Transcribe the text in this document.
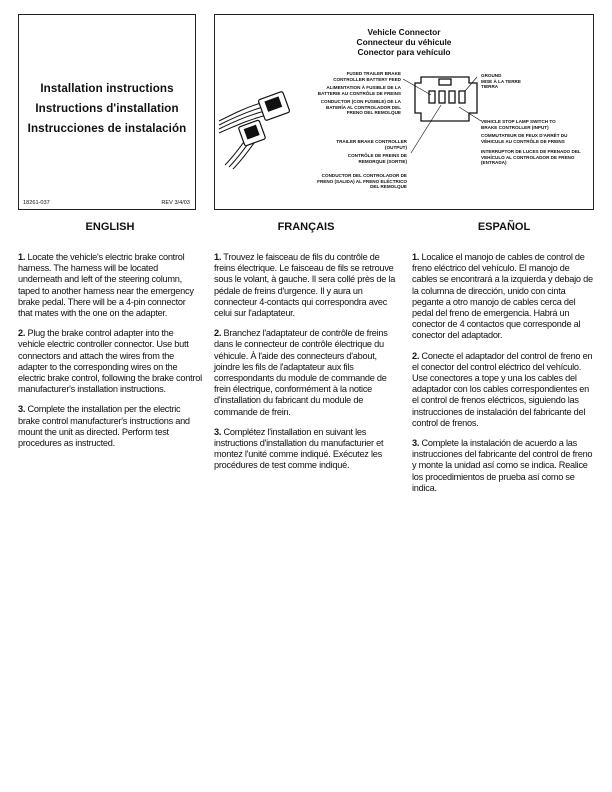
Installation instructions
Instructions d'installation
Instrucciones de instalación
18261-037	REV 3/4/03
Vehicle Connector
Connecteur du véhicule
Conector para vehículo
FUSED TRAILER BRAKE
CONTROLLER BATTERY FEED
ALIMENTATION À FUSIBLE DE LA
BATTERIE AU CONTRÔLE DE FREINS
CONDUCTOR (CON FUSIBLE) DE LA
BATERÍA AL CONTROLADOR DEL
FRENO DEL REMOLQUE
TRAILER BRAKE CONTROLLER
(OUTPUT)
CONTRÔLE DE FREINS DE
REMORQUE (SORTIE)
CONDUCTOR DEL CONTROLADOR DE
FRENO (SALIDA) AL FRENO ELÉCTRICO
DEL REMOLQUE
GROUND
MISE À LA TERRE
TIERRA
VEHICLE STOP LAMP SWITCH TO
BRAKE CONTROLLER (INPUT)
COMMUTATEUR DE FEUX D'ARRÊT DU
VÉHICULE AU CONTRÔLE DE FREINS
INTERRUPTOR DE LUCES DE FRENADO DEL
VEHÍCULO AL CONTROLADOR DE FRENO
(ENTRADA)
ENGLISH

1. Locate the vehicle's electric brake control harness. The harness will be located underneath and left of the steering column, taped to another harness near the emergency brake pedal. There will be a 4-pin connector that mates with the one on the adapter.

2. Plug the brake control adapter into the vehicle electric controller connector. Use butt connectors and attach the wires from the adapter to the corresponding wires on the electric brake control, following the brake control manufacturer's installation instructions.

3. Complete the installation per the electric brake control manufacturer's instructions and mount the unit as directed. Perform test procedures as instructed.

FRANÇAIS

1. Trouvez le faisceau de fils du contrôle de freins électrique. Le faisceau de fils se retrouve sous le volant, à gauche. Il sera collé près de la pédale de freins d'urgence. Il y aura un connecteur 4-contacts qui correspondra avec celui sur l'adaptateur.

2. Branchez l'adaptateur de contrôle de freins dans le connecteur de contrôle électrique du véhicule. À l'aide des connecteurs d'about, joindre les fils de l'adaptateur aux fils correspondants du module de commande de frein électrique, conformément à la notice d'installation du fabricant du module de commande de frein.

3. Complétez l'installation en suivant les instructions d'installation du manufacturier et montez l'unité comme indiqué. Exécutez les procédures de test comme indiqué.

ESPAÑOL

1. Localice el manojo de cables de control de freno eléctrico del vehículo. El manojo de cables se encontrará a la izquierda y debajo de la columna de dirección, unido con cinta pegante a otro manojo de cables cerca del pedal del freno de emergencia. Habrá un conector de 4 contactos que corresponde al conector del adaptador.

2. Conecte el adaptador del control de freno en el conector del control eléctrico del vehículo. Use conectores a tope y una los cables del adaptador con los cables correspondientes en el control de frenos eléctricos, siguiendo las instrucciones de instalación del fabricante del control de frenos.

3. Complete la instalación de acuerdo a las instrucciones del fabricante del control de freno y monte la unidad así como se indica. Realice los procedimientos de prueba así como se indica.
